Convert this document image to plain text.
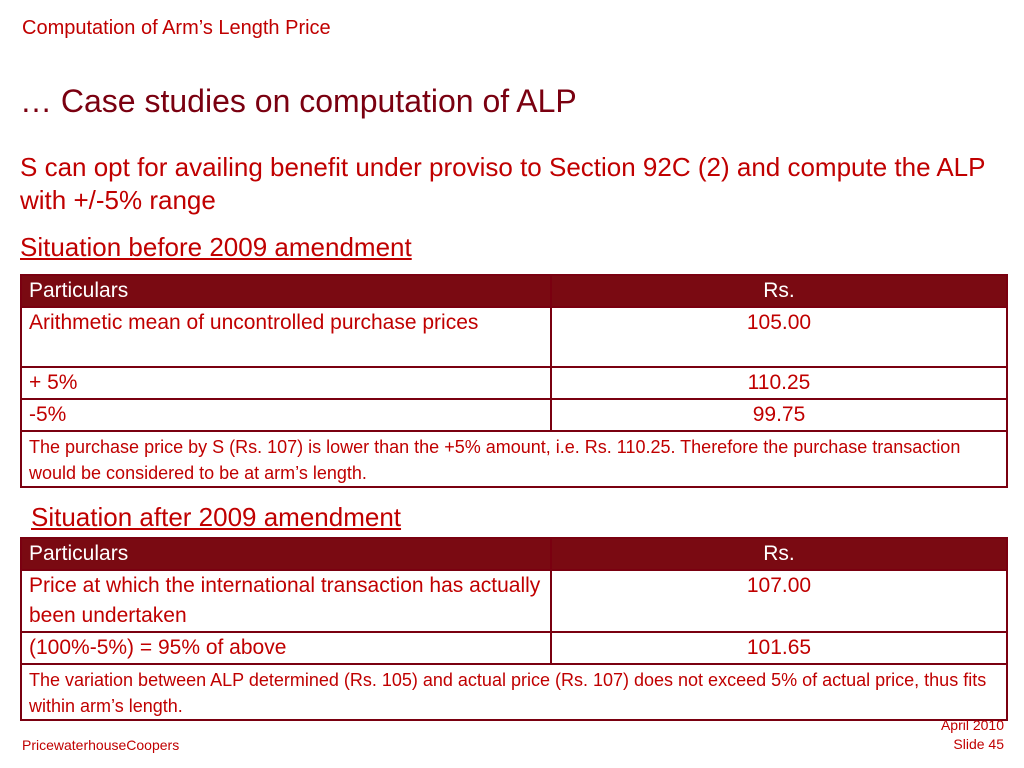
Computation of Arm’s Length Price
… Case studies on computation of ALP
S can opt for availing benefit under proviso to Section 92C (2) and compute the ALP with +/-5% range
Situation before 2009 amendment
Particulars	Rs.
Arithmetic mean of uncontrolled purchase prices	105.00
+ 5%	110.25
-5%	99.75
The purchase price by S (Rs. 107) is lower than the +5% amount, i.e. Rs. 110.25. Therefore the purchase transaction would be considered to be at arm’s length.	
Situation after 2009 amendment
Particulars	Rs.
Price at which the international transaction has actually been undertaken	107.00
(100%-5%) = 95% of above	101.65
The variation between ALP determined (Rs. 105) and actual price (Rs. 107) does not exceed 5% of actual price, thus fits within arm’s length.	
PricewaterhouseCoopers
April 2010
Slide 45
